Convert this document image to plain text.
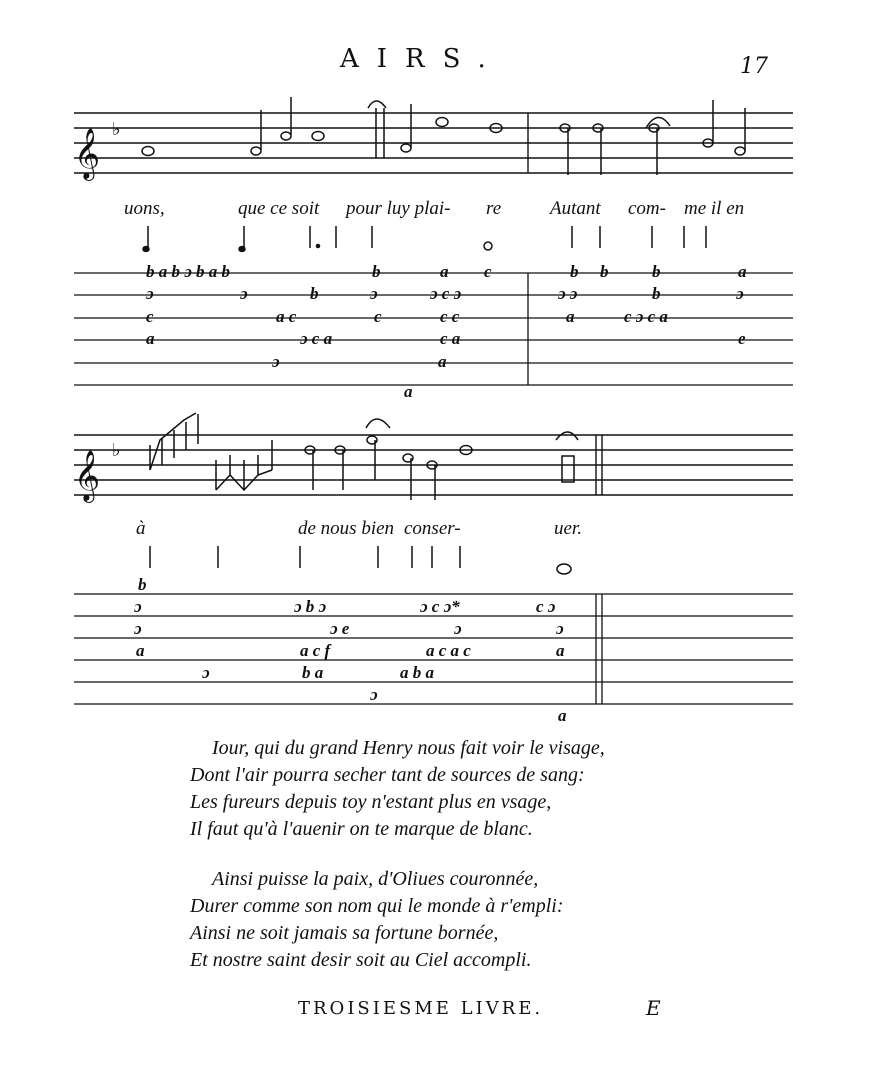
AIRS.	17
𝄞 ♭
𝄞 ♭
uons,	que ce soit pour luy plai- re	Autant com- me il en
b a b ɔ b a b	b	a c	b b	b	a
ɔ	ɔ	b	ɔ	ɔ c ɔ	ɔ ɔ	b	ɔ
c	a c	c	c c	a	c ɔ c a
a	ɔ c a	c a	e
ɔ	a
a
à	de nous bien conser-	uer.
b
ɔ	ɔ b ɔ	ɔ c ɔ*	c ɔ
ɔ	ɔ e	ɔ	ɔ
a	a c f	a c a c	a
ɔ	b a	a b a
ɔ
a
Iour, qui du grand Henry nous fait voir le visage,
Dont l'air pourra secher tant de sources de sang:
Les fureurs depuis toy n'estant plus en vsage,
Il faut qu'à l'auenir on te marque de blanc.
Ainsi puisse la paix, d'Oliues couronnée,
Durer comme son nom qui le monde à r'empli:
Ainsi ne soit jamais sa fortune bornée,
Et nostre saint desir soit au Ciel accompli.
TROISIESME LIVRE.	E
